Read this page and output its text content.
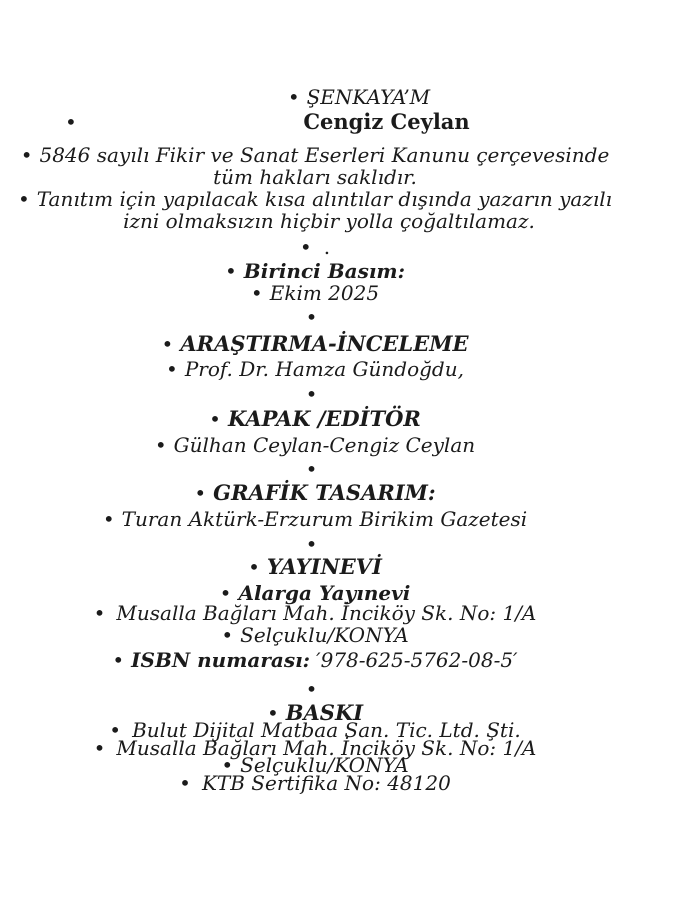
• ŞENKAYA’M
•	Cengiz Ceylan
• 5846 sayılı Fikir ve Sanat Eserleri Kanunu çerçevesinde
tüm hakları saklıdır.
• Tanıtım için yapılacak kısa alıntılar dışında yazarın yazılı
izni olmaksızın hiçbir yolla çoğaltılamaz.
• .
• Birinci Basım:
• Ekim 2025
•
• ARAŞTIRMA-İNCELEME
• Prof. Dr. Hamza Gündoğdu,
•
• KAPAK /EDİTÖR
• Gülhan Ceylan-Cengiz Ceylan
•
• GRAFİK TASARIM:
• Turan Aktürk-Erzurum Birikim Gazetesi
•
• YAYINEVİ
• Alarga Yayınevi
• Musalla Bağları Mah. İnciköy Sk. No: 1/A
• Selçuklu/KONYA
• ISBN numarası: ′978-625-5762-08-5′
•
• BASKI
• Bulut Dijital Matbaa San. Tic. Ltd. Şti.
• Musalla Bağları Mah. İnciköy Sk. No: 1/A
• Selçuklu/KONYA
• KTB Sertifika No: 48120
